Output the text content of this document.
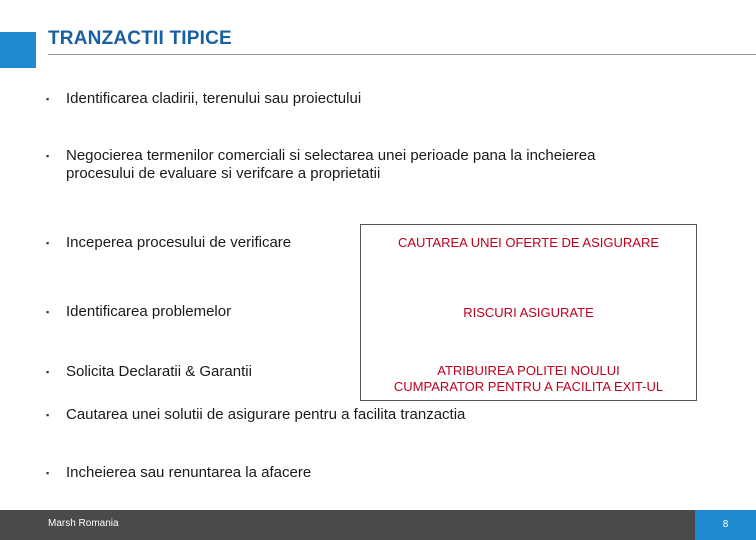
TRANZACTII TIPICE
▪ Identificarea cladirii, terenului sau proiectului
▪ Negocierea termenilor comerciali si selectarea unei perioade pana la incheierea
procesului de evaluare si verifcare a proprietatii
▪ Inceperea procesului de verificare
▪ Identificarea problemelor
▪ Solicita Declaratii & Garantii
▪ Cautarea unei solutii de asigurare pentru a facilita tranzactia
▪ Incheierea sau renuntarea la afacere
CAUTAREA UNEI OFERTE DE ASIGURARE
RISCURI ASIGURATE
ATRIBUIREA POLITEI NOULUI
CUMPARATOR PENTRU A FACILITA EXIT-UL
Marsh Romania	8
